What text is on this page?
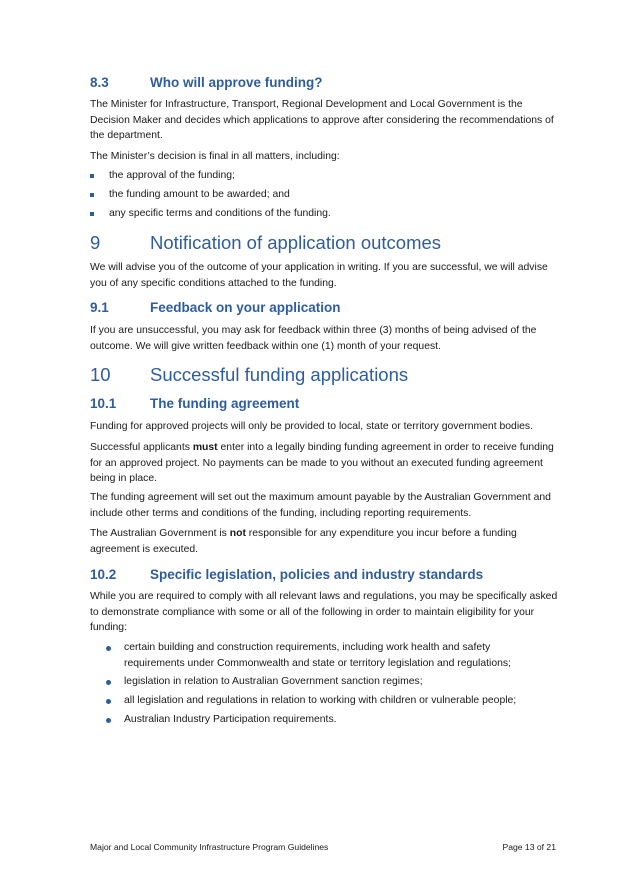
8.3	Who will approve funding?

The Minister for Infrastructure, Transport, Regional Development and Local Government is the Decision Maker and decides which applications to approve after considering the recommendations of the department.

The Minister’s decision is final in all matters, including:

the approval of the funding;
the funding amount to be awarded; and
any specific terms and conditions of the funding.
9	Notification of application outcomes

We will advise you of the outcome of your application in writing. If you are successful, we will advise you of any specific conditions attached to the funding.

9.1	Feedback on your application

If you are unsuccessful, you may ask for feedback within three (3) months of being advised of the outcome. We will give written feedback within one (1) month of your request.

10 Successful funding applications
10.1 The funding agreement

Funding for approved projects will only be provided to local, state or territory government bodies.

Successful applicants must enter into a legally binding funding agreement in order to receive funding for an approved project. No payments can be made to you without an executed funding agreement being in place.

The funding agreement will set out the maximum amount payable by the Australian Government and include other terms and conditions of the funding, including reporting requirements.

The Australian Government is not responsible for any expenditure you incur before a funding agreement is executed.

10.2 Specific legislation, policies and industry standards

While you are required to comply with all relevant laws and regulations, you may be specifically asked to demonstrate compliance with some or all of the following in order to maintain eligibility for your funding:

certain building and construction requirements, including work health and safety
requirements under Commonwealth and state or territory legislation and regulations;
legislation in relation to Australian Government sanction regimes;
all legislation and regulations in relation to working with children or vulnerable people;
Australian Industry Participation requirements.
Major and Local Community Infrastructure Program Guidelines	Page 13 of 21
